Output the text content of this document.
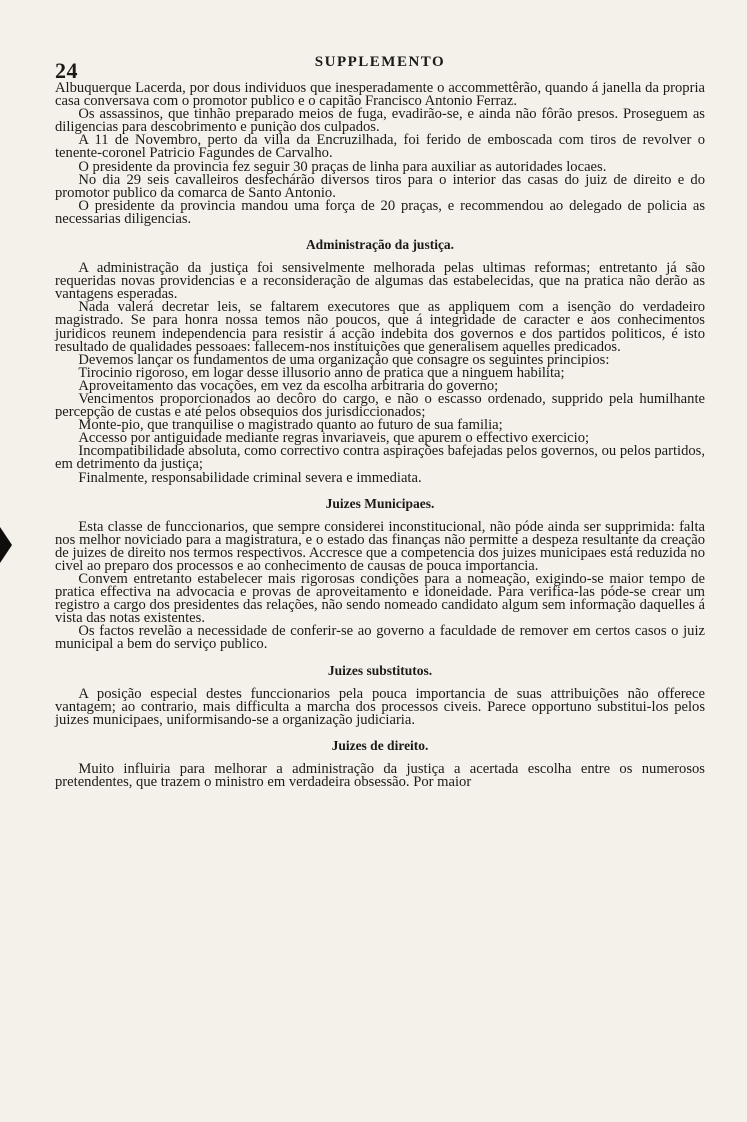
24	SUPPLEMENTO

Albuquerque Lacerda, por dous individuos que inesperadamente o accommettêrão, quando á janella da propria casa conversava com o promotor publico e o capitão Francisco Antonio Ferraz.

Os assassinos, que tinhão preparado meios de fuga, evadirão-se, e ainda não fôrão presos. Proseguem as diligencias para descobrimento e punição dos culpados.

A 11 de Novembro, perto da villa da Encruzilhada, foi ferido de emboscada com tiros de revolver o tenente-coronel Patricio Fagundes de Carvalho.

O presidente da provincia fez seguir 30 praças de linha para auxiliar as autoridades locaes.

No dia 29 seis cavalleiros desfechárão diversos tiros para o interior das casas do juiz de direito e do promotor publico da comarca de Santo Antonio.

O presidente da provincia mandou uma força de 20 praças, e recommendou ao delegado de policia as necessarias diligencias.

Administração da justiça.

A administração da justiça foi sensivelmente melhorada pelas ultimas reformas; entretanto já são requeridas novas providencias e a reconsideração de algumas das estabelecidas, que na pratica não derão as vantagens esperadas.

Nada valerá decretar leis, se faltarem executores que as appliquem com a isenção do verdadeiro magistrado. Se para honra nossa temos não poucos, que á integridade de caracter e aos conhecimentos juridicos reunem independencia para resistir á acção indebita dos governos e dos partidos politicos, é isto resultado de qualidades pessoaes: fallecem-nos instituições que generalisem aquelles predicados.

Devemos lançar os fundamentos de uma organização que consagre os seguintes principios:

Tirocinio rigoroso, em logar desse illusorio anno de pratica que a ninguem habilita;

Aproveitamento das vocações, em vez da escolha arbitraria do governo;

Vencimentos proporcionados ao decôro do cargo, e não o escasso ordenado, supprido pela humilhante percepção de custas e até pelos obsequios dos jurisdiccionados;

Monte-pio, que tranquilise o magistrado quanto ao futuro de sua familia;

Accesso por antiguidade mediante regras invariaveis, que apurem o effectivo exercicio;

Incompatibilidade absoluta, como correctivo contra aspirações bafejadas pelos governos, ou pelos partidos, em detrimento da justiça;

Finalmente, responsabilidade criminal severa e immediata.

Juizes Municipaes.

Esta classe de funccionarios, que sempre considerei inconstitucional, não póde ainda ser supprimida: falta nos melhor noviciado para a magistratura, e o estado das finanças não permitte a despeza resultante da creação de juizes de direito nos termos respectivos. Accresce que a competencia dos juizes municipaes está reduzida no civel ao preparo dos processos e ao conhecimento de causas de pouca importancia.

Convem entretanto estabelecer mais rigorosas condições para a nomeação, exigindo-se maior tempo de pratica effectiva na advocacia e provas de aproveitamento e idoneidade. Para verifica-las póde-se crear um registro a cargo dos presidentes das relações, não sendo nomeado candidato algum sem informação daquelles á vista das notas existentes.

Os factos revelão a necessidade de conferir-se ao governo a faculdade de remover em certos casos o juiz municipal a bem do serviço publico.

Juizes substitutos.

A posição especial destes funccionarios pela pouca importancia de suas attribuições não offerece vantagem; ao contrario, mais difficulta a marcha dos processos civeis. Parece opportuno substitui-los pelos juizes municipaes, uniformisando-se a organização judiciaria.

Juizes de direito.

Muito influiria para melhorar a administração da justiça a acertada escolha entre os numerosos pretendentes, que trazem o ministro em verdadeira obsessão. Por maior
